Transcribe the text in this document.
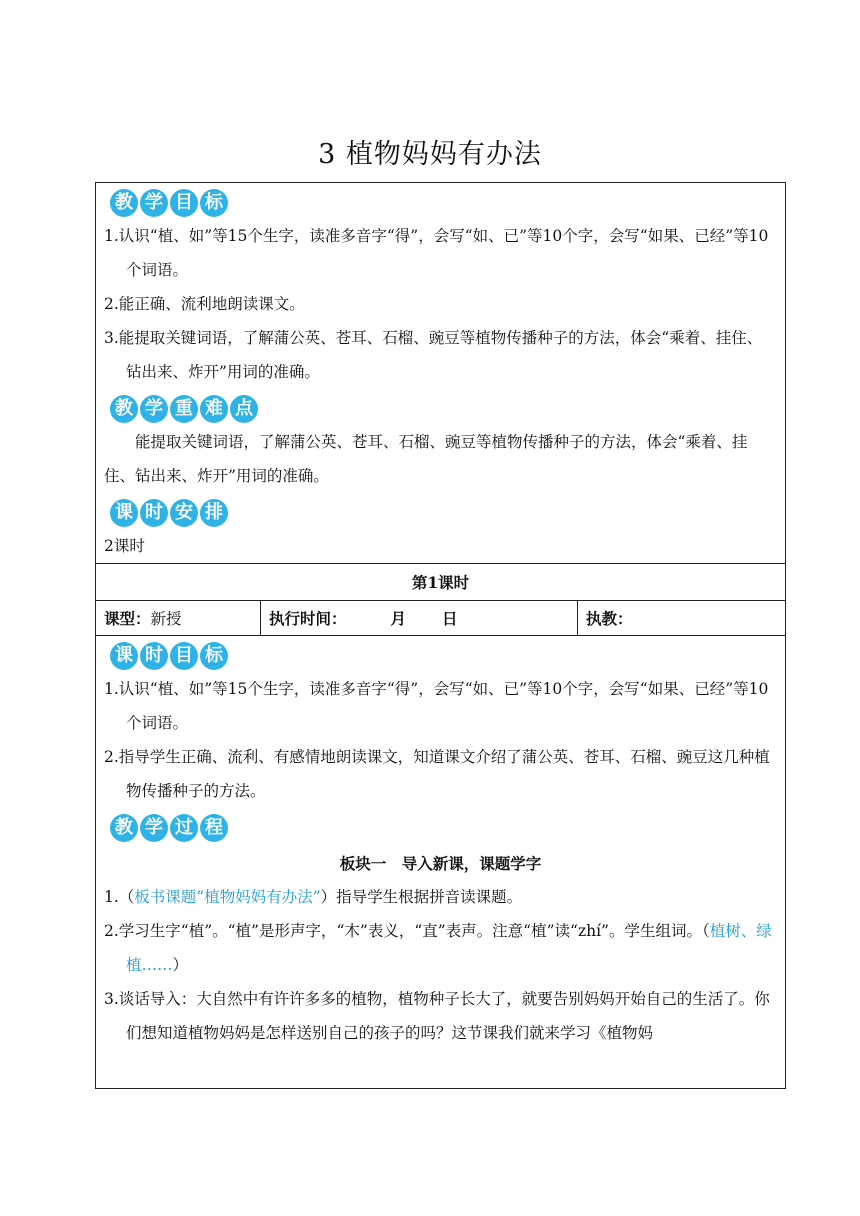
3 植物妈妈有办法
教 学 目 标

1.认识“植、如”等15个生字，读准多音字“得”，会写“如、已”等10个字，会写“如果、已经”等10个词语。

2.能正确、流利地朗读课文。

3.能提取关键词语，了解蒲公英、苍耳、石榴、豌豆等植物传播种子的方法，体会“乘着、挂住、钻出来、炸开”用词的准确。

教 学 重 难 点

能提取关键词语，了解蒲公英、苍耳、石榴、豌豆等植物传播种子的方法，体会“乘着、挂住、钻出来、炸开”用词的准确。

课 时 安 排

2课时

第1课时
课型： 新授	执行时间：	月 日	执教：
课 时 目 标

1.认识“植、如”等15个生字，读准多音字“得”，会写“如、已”等10个字，会写“如果、已经”等10个词语。

2.指导学生正确、流利、有感情地朗读课文，知道课文介绍了蒲公英、苍耳、石榴、豌豆这几种植物传播种子的方法。

教 学 过 程

板块一　导入新课，课题学字

1.（板书课题“植物妈妈有办法”）指导学生根据拼音读课题。

2.学习生字“植”。“植”是形声字，“木”表义，“直”表声。注意“植”读“zhí”。学生组词。（植树、绿植……）

3.谈话导入：大自然中有许许多多的植物，植物种子长大了，就要告别妈妈开始自己的生活了。你们想知道植物妈妈是怎样送别自己的孩子的吗？这节课我们就来学习《植物妈
